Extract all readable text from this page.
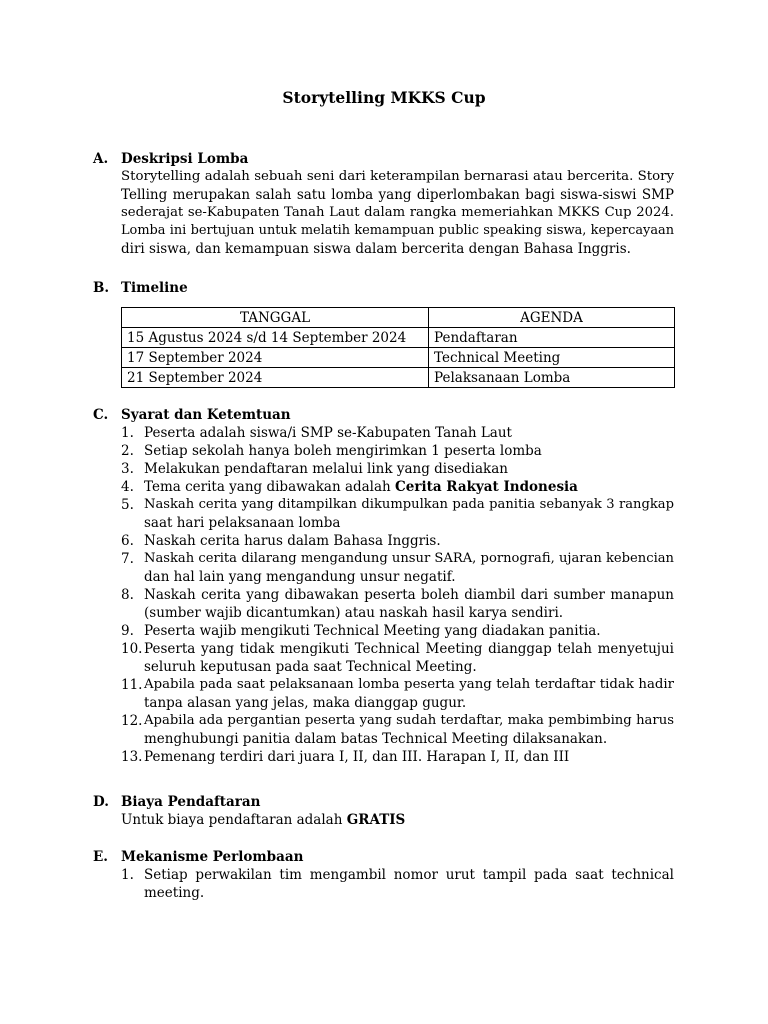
Storytelling MKKS Cup
A. Deskripsi Lomba
Storytelling adalah sebuah seni dari keterampilan bernarasi atau bercerita. Story
Telling merupakan salah satu lomba yang diperlombakan bagi siswa-siswi SMP
sederajat se-Kabupaten Tanah Laut dalam rangka memeriahkan MKKS Cup 2024.
Lomba ini bertujuan untuk melatih kemampuan public speaking siswa, kepercayaan
diri siswa, dan kemampuan siswa dalam bercerita dengan Bahasa Inggris.
B. Timeline
TANGGAL	AGENDA
15 Agustus 2024 s/d 14 September 2024	Pendaftaran
17 September 2024	Technical Meeting
21 September 2024	Pelaksanaan Lomba
C. Syarat dan Ketemtuan
1. Peserta adalah siswa/i SMP se-Kabupaten Tanah Laut
2. Setiap sekolah hanya boleh mengirimkan 1 peserta lomba
3. Melakukan pendaftaran melalui link yang disediakan
4. Tema cerita yang dibawakan adalah Cerita Rakyat Indonesia
5. Naskah cerita yang ditampilkan dikumpulkan pada panitia sebanyak 3 rangkap
saat hari pelaksanaan lomba
6. Naskah cerita harus dalam Bahasa Inggris.
7. Naskah cerita dilarang mengandung unsur SARA, pornografi, ujaran kebencian
dan hal lain yang mengandung unsur negatif.
8. Naskah cerita yang dibawakan peserta boleh diambil dari sumber manapun
(sumber wajib dicantumkan) atau naskah hasil karya sendiri.
9. Peserta wajib mengikuti Technical Meeting yang diadakan panitia.
10. Peserta yang tidak mengikuti Technical Meeting dianggap telah menyetujui
seluruh keputusan pada saat Technical Meeting.
11. Apabila pada saat pelaksanaan lomba peserta yang telah terdaftar tidak hadir
tanpa alasan yang jelas, maka dianggap gugur.
12. Apabila ada pergantian peserta yang sudah terdaftar, maka pembimbing harus
menghubungi panitia dalam batas Technical Meeting dilaksanakan.
13. Pemenang terdiri dari juara I, II, dan III. Harapan I, II, dan III
D. Biaya Pendaftaran
Untuk biaya pendaftaran adalah GRATIS
E. Mekanisme Perlombaan
1. Setiap perwakilan tim mengambil nomor urut tampil pada saat technical
meeting.
